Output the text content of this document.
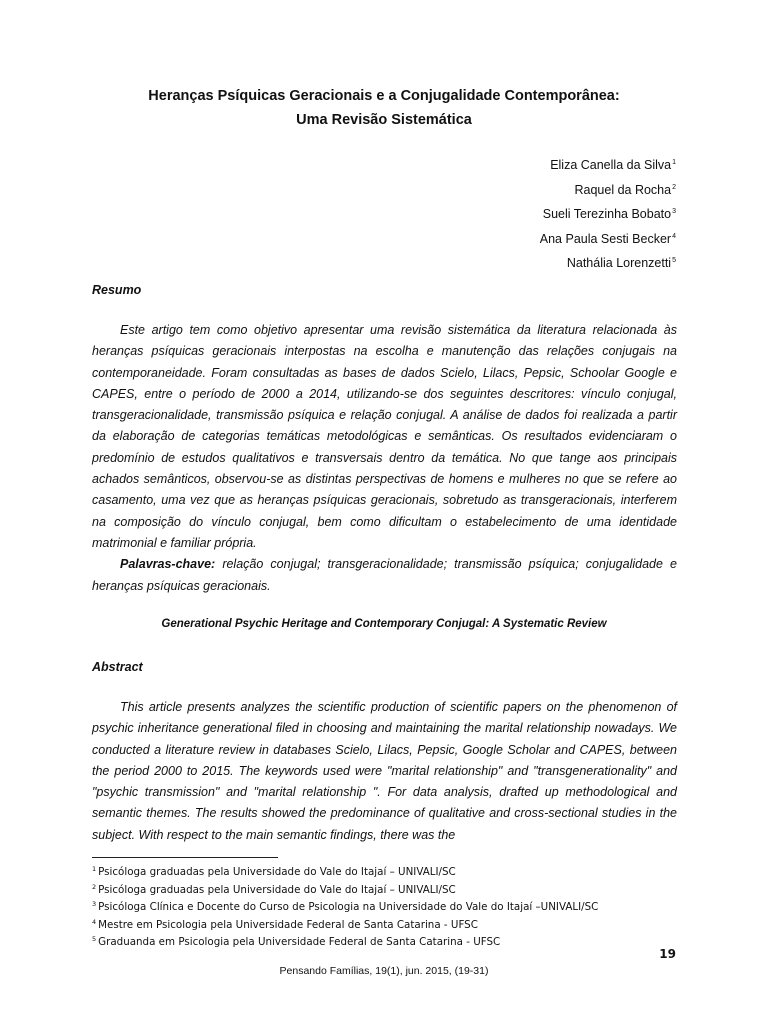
Heranças Psíquicas Geracionais e a Conjugalidade Contemporânea:
Uma Revisão Sistemática
Eliza Canella da Silva$^1$
Raquel da Rocha$^2$
Sueli Terezinha Bobato$^3$
Ana Paula Sesti Becker$^4$
Nathália Lorenzetti$^5$
Resumo

Este artigo tem como objetivo apresentar uma revisão sistemática da literatura relacionada às heranças psíquicas geracionais interpostas na escolha e manutenção das relações conjugais na contemporaneidade. Foram consultadas as bases de dados Scielo, Lilacs, Pepsic, Schoolar Google e CAPES, entre o período de 2000 a 2014, utilizando-se dos seguintes descritores: vínculo conjugal, transgeracionalidade, transmissão psíquica e relação conjugal. A análise de dados foi realizada a partir da elaboração de categorias temáticas metodológicas e semânticas. Os resultados evidenciaram o predomínio de estudos qualitativos e transversais dentro da temática. No que tange aos principais achados semânticos, observou-se as distintas perspectivas de homens e mulheres no que se refere ao casamento, uma vez que as heranças psíquicas geracionais, sobretudo as transgeracionais, interferem na composição do vínculo conjugal, bem como dificultam o estabelecimento de uma identidade matrimonial e familiar própria.

Palavras-chave: relação conjugal; transgeracionalidade; transmissão psíquica; conjugalidade e heranças psíquicas geracionais.

Generational Psychic Heritage and Contemporary Conjugal: A Systematic Review
Abstract

This article presents analyzes the scientific production of scientific papers on the phenomenon of psychic inheritance generational filed in choosing and maintaining the marital relationship nowadays. We conducted a literature review in databases Scielo, Lilacs, Pepsic, Google Scholar and CAPES, between the period 2000 to 2015. The keywords used were "marital relationship" and "transgenerationality" and "psychic transmission" and "marital relationship ". For data analysis, drafted up methodological and semantic themes. The results showed the predominance of qualitative and cross-sectional studies in the subject. With respect to the main semantic findings, there was the

$^1$ Psicóloga graduadas pela Universidade do Vale do Itajaí – UNIVALI/SC
$^2$ Psicóloga graduadas pela Universidade do Vale do Itajaí – UNIVALI/SC
$^3$ Psicóloga Clínica e Docente do Curso de Psicologia na Universidade do Vale do Itajaí –UNIVALI/SC
$^4$ Mestre em Psicologia pela Universidade Federal de Santa Catarina - UFSC
$^5$ Graduanda em Psicologia pela Universidade Federal de Santa Catarina - UFSC
19
Pensando Famílias, 19(1), jun. 2015, (19-31)
